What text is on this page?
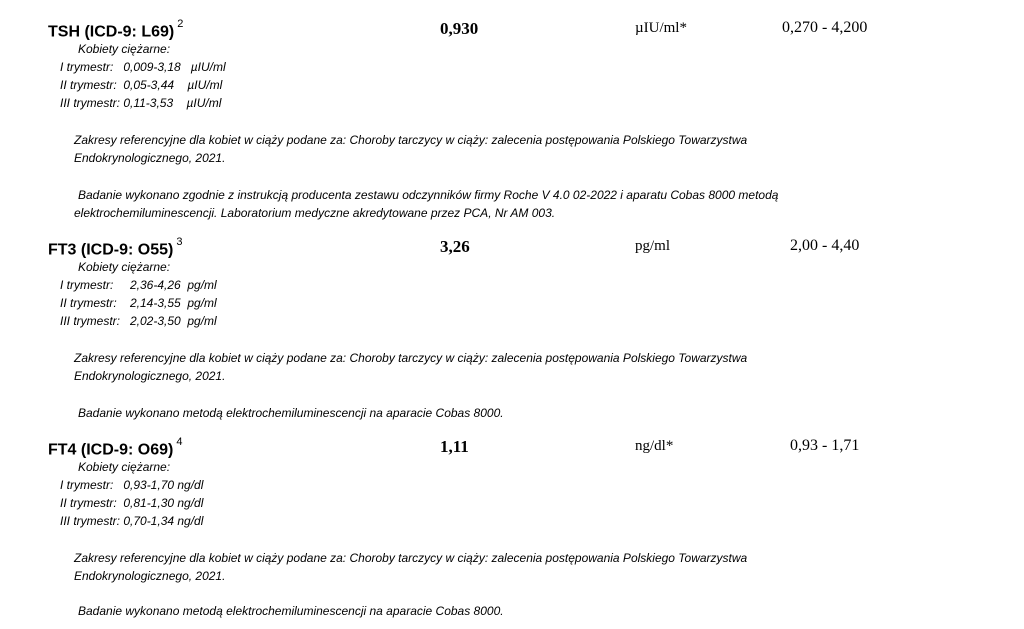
TSH (ICD-9: L69) $^2$	0,930	µIU/ml*	0,270 - 4,200
Kobiety ciężarne:
I trymestr:   0,009-3,18   µIU/ml
II trymestr:  0,05-3,44    µIU/ml
III trymestr: 0,11-3,53    µIU/ml
Zakresy referencyjne dla kobiet w ciąży podane za: Choroby tarczycy w ciąży: zalecenia postępowania Polskiego Towarzystwa
Endokrynologicznego, 2021.
Badanie wykonano zgodnie z instrukcją producenta zestawu odczynników firmy Roche V 4.0 02-2022 i aparatu Cobas 8000 metodą
elektrochemiluminescencji. Laboratorium medyczne akredytowane przez PCA, Nr AM 003.
FT3 (ICD-9: O55) $^3$	3,26	pg/ml	2,00 - 4,40
Kobiety ciężarne:
I trymestr:     2,36-4,26  pg/ml
II trymestr:    2,14-3,55  pg/ml
III trymestr:   2,02-3,50  pg/ml
Zakresy referencyjne dla kobiet w ciąży podane za: Choroby tarczycy w ciąży: zalecenia postępowania Polskiego Towarzystwa
Endokrynologicznego, 2021.
Badanie wykonano metodą elektrochemiluminescencji na aparacie Cobas 8000.
FT4 (ICD-9: O69) $^4$	1,11	ng/dl*	0,93 - 1,71
Kobiety ciężarne:
I trymestr:   0,93-1,70 ng/dl
II trymestr:  0,81-1,30 ng/dl
III trymestr: 0,70-1,34 ng/dl
Zakresy referencyjne dla kobiet w ciąży podane za: Choroby tarczycy w ciąży: zalecenia postępowania Polskiego Towarzystwa
Endokrynologicznego, 2021.
Badanie wykonano metodą elektrochemiluminescencji na aparacie Cobas 8000.
